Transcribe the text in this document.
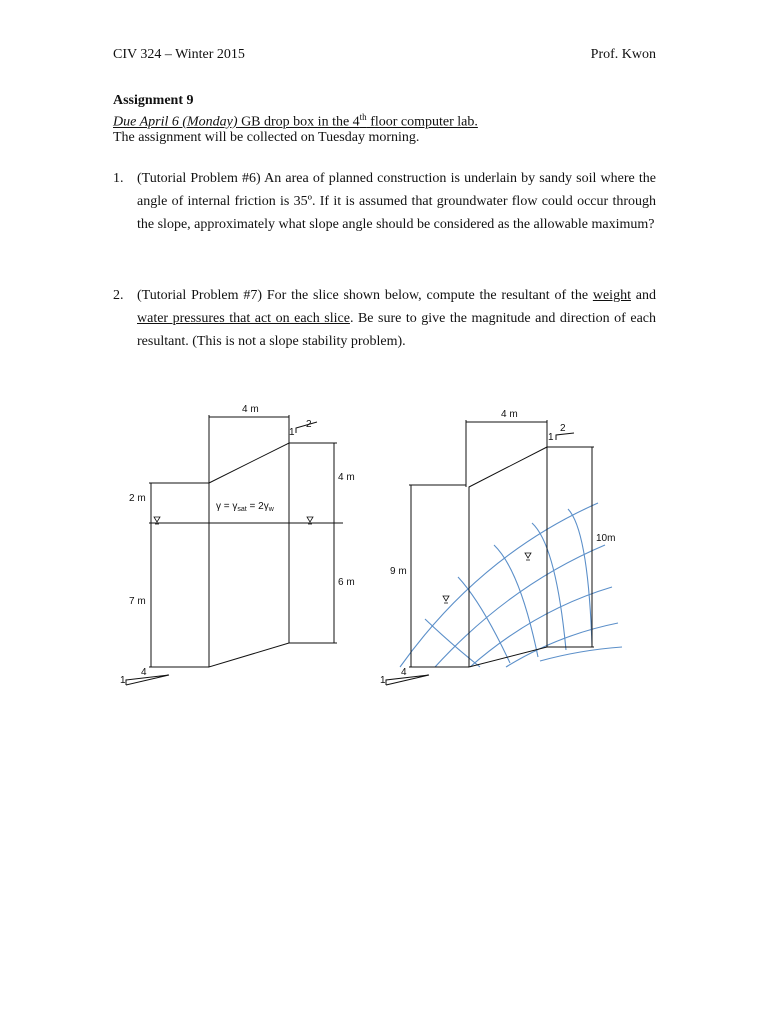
CIV 324 – Winter 2015	Prof. Kwon
Assignment 9
Due April 6 (Monday) GB drop box in the 4th floor computer lab.
The assignment will be collected on Tuesday morning.
1. (Tutorial Problem #6) An area of planned construction is underlain by sandy soil where the angle of internal friction is 35º. If it is assumed that groundwater flow could occur through the slope, approximately what slope angle should be considered as the allowable maximum?
2. (Tutorial Problem #7) For the slice shown below, compute the resultant of the weight and water pressures that act on each slice. Be sure to give the magnitude and direction of each resultant. (This is not a slope stability problem).
4 m
2
1
4 m
2 m
$\gamma = \gamma_{sat} = 2\gamma_w$
6 m
7 m
1
4
4 m
2
1
10m
9 m
1
4
